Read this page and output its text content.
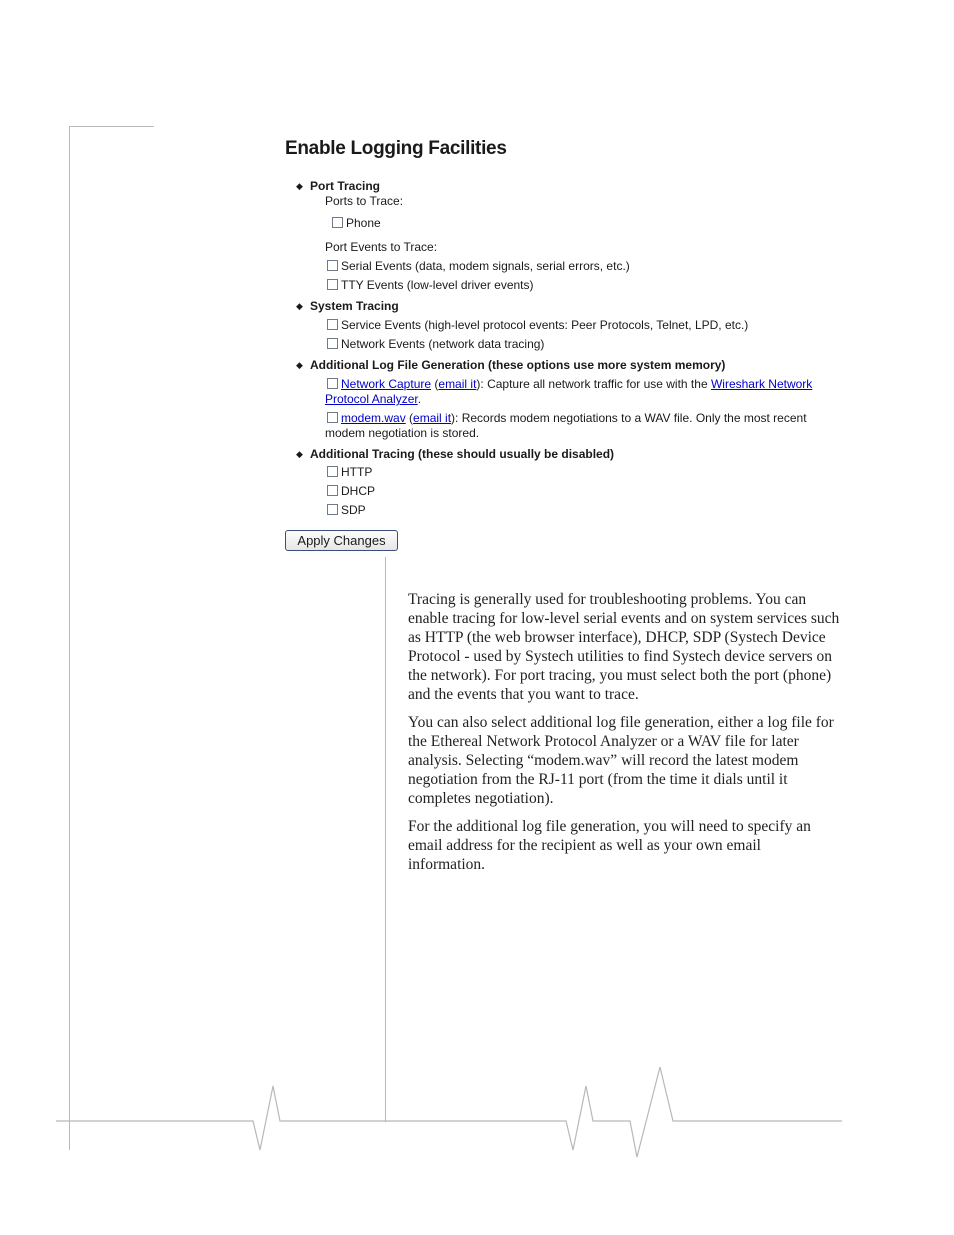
Enable Logging Facilities
◆ Port Tracing
Ports to Trace:
Phone
Port Events to Trace:
Serial Events (data, modem signals, serial errors, etc.)
TTY Events (low-level driver events)
◆ System Tracing
Service Events (high-level protocol events: Peer Protocols, Telnet, LPD, etc.)
Network Events (network data tracing)
◆ Additional Log File Generation (these options use more system memory)
Network Capture (email it): Capture all network traffic for use with the Wireshark Network
Protocol Analyzer.
modem.wav (email it): Records modem negotiations to a WAV file. Only the most recent
modem negotiation is stored.
◆ Additional Tracing (these should usually be disabled)
HTTP
DHCP
SDP
Apply Changes

Tracing is generally used for troubleshooting problems. You can enable tracing for low-level serial events and on system services such as HTTP (the web browser interface), DHCP, SDP (Systech Device Protocol - used by Systech utilities to find Systech device servers on the network). For port tracing, you must select both the port (phone) and the events that you want to trace.

You can also select additional log file generation, either a log file for the Ethereal Network Protocol Analyzer or a WAV file for later analysis. Selecting “modem.wav” will record the latest modem negotiation from the RJ-11 port (from the time it dials until it completes negotiation).

For the additional log file generation, you will need to specify an email address for the recipient as well as your own email information.
